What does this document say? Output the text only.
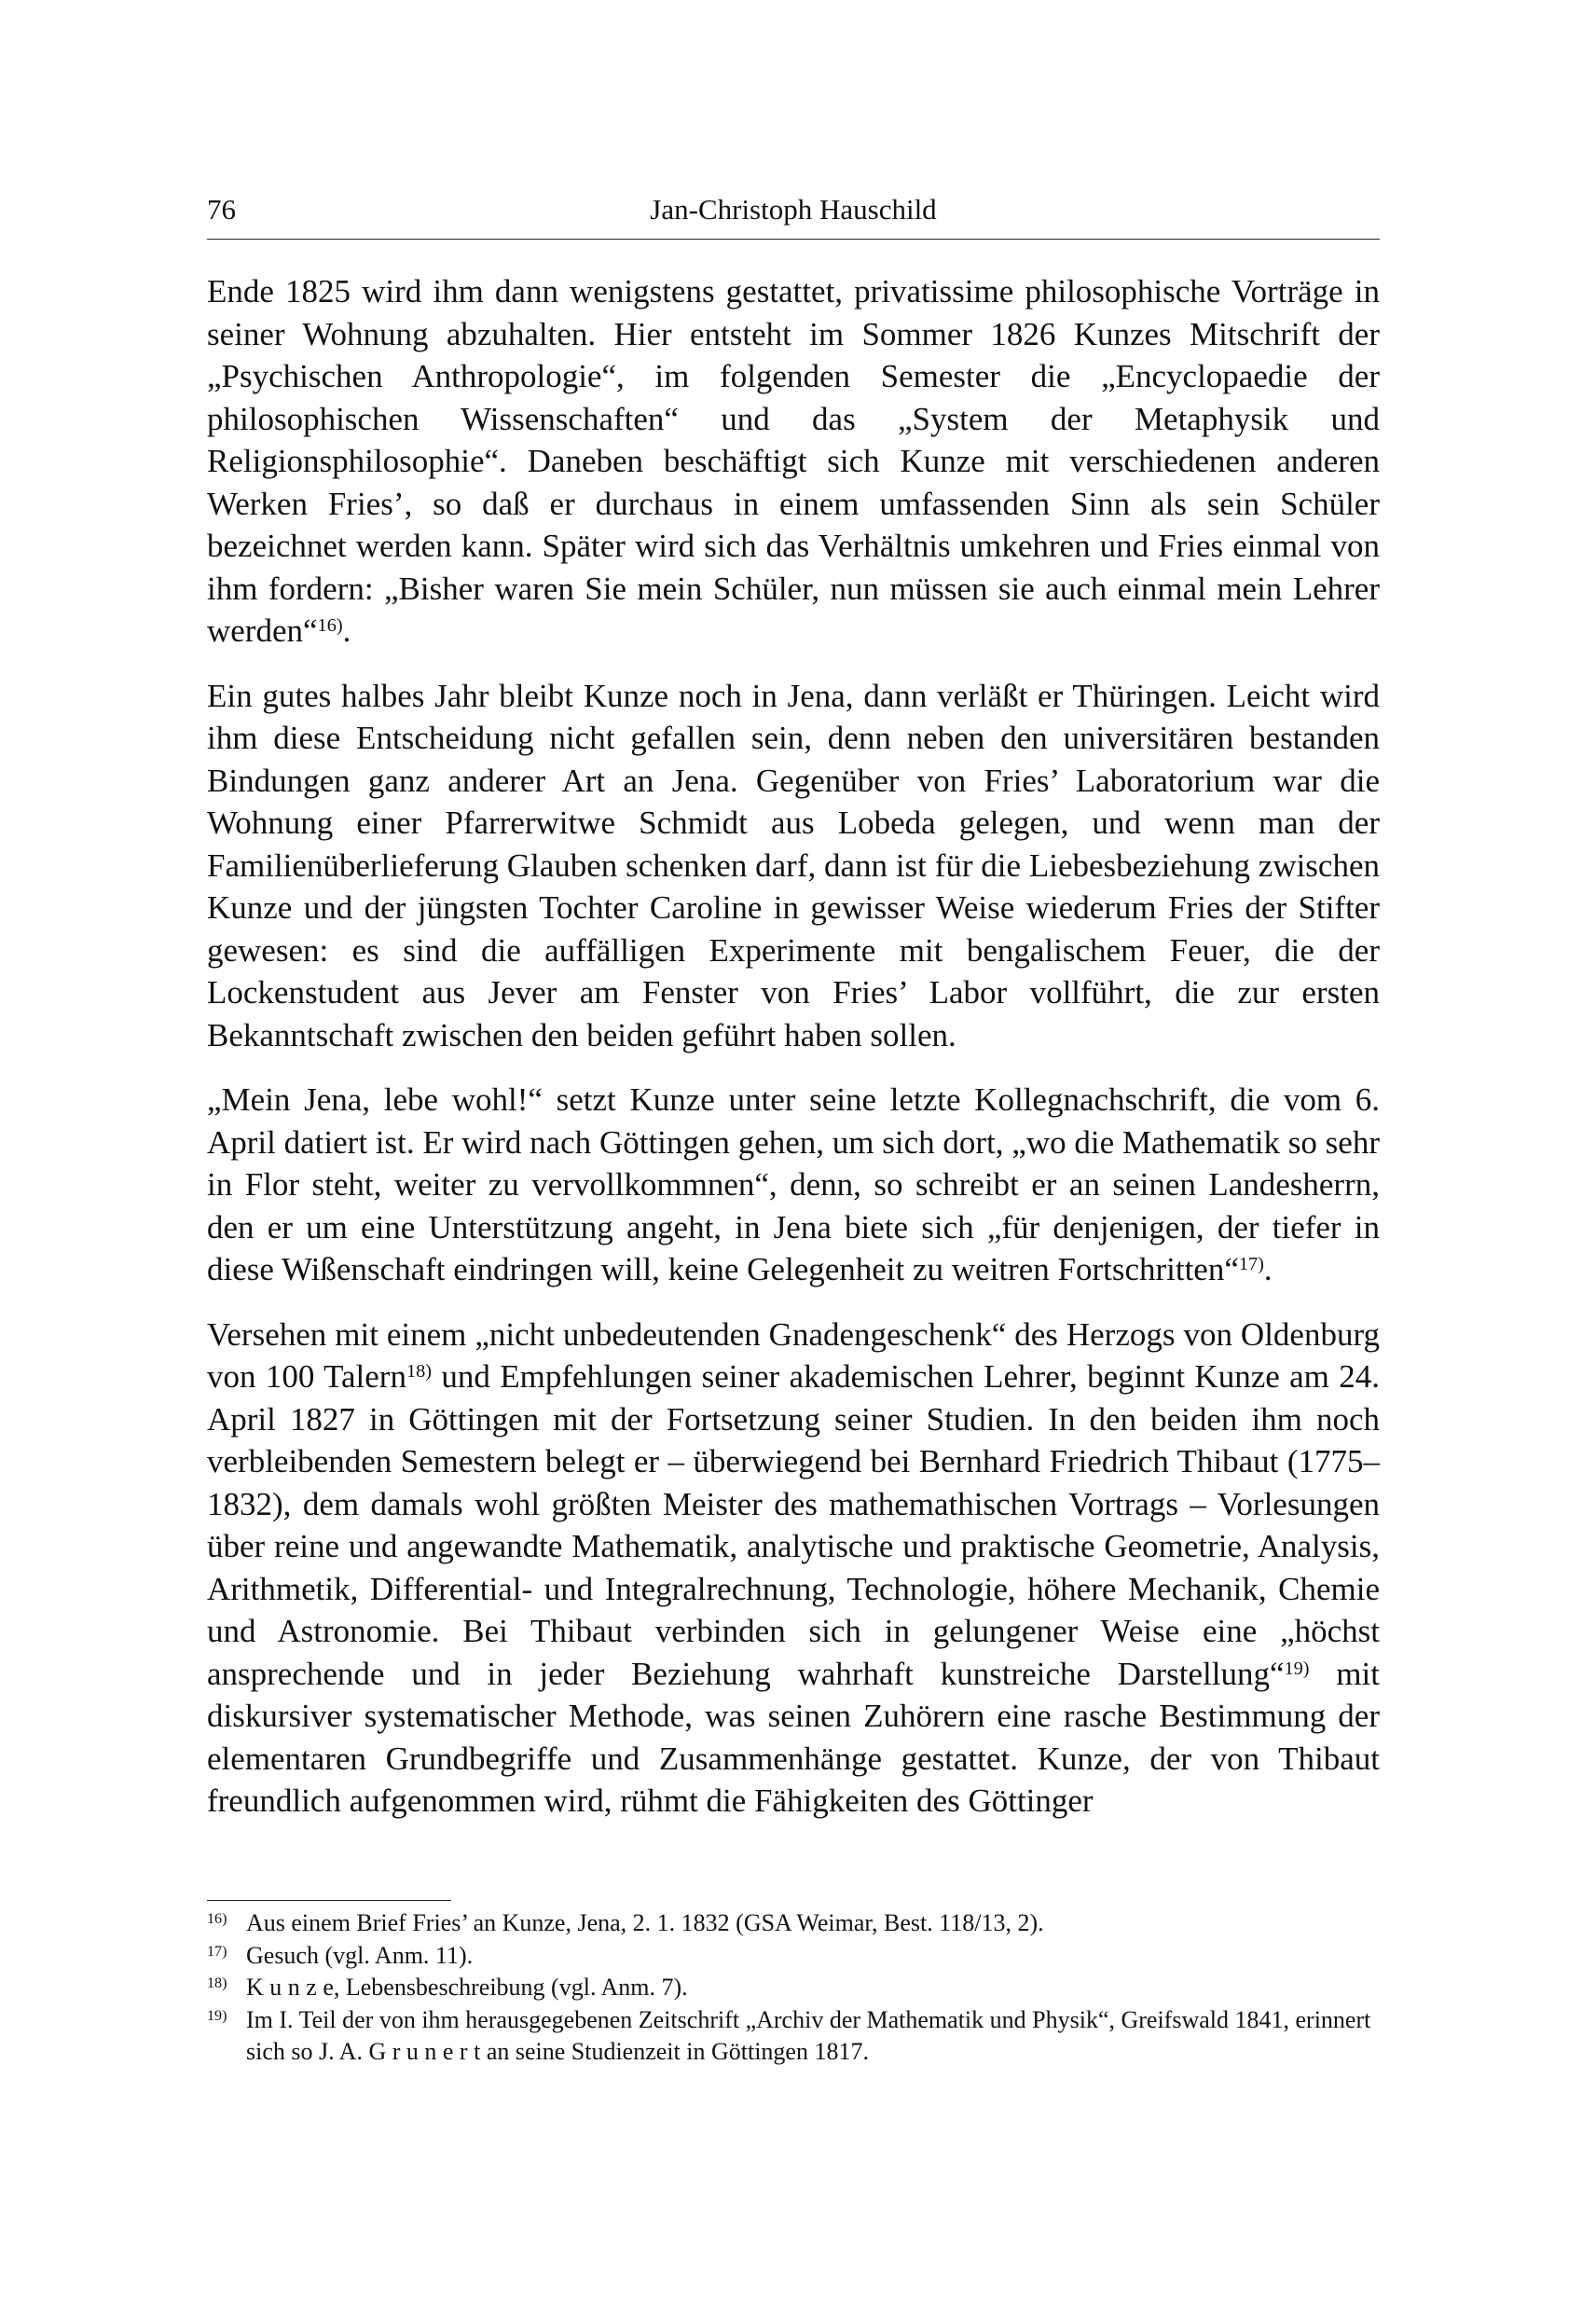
76	Jan-Christoph Hauschild

Ende 1825 wird ihm dann wenigstens gestattet, privatissime philosophische Vorträge in seiner Wohnung abzuhalten. Hier entsteht im Sommer 1826 Kunzes Mitschrift der „Psychischen Anthropologie“, im folgenden Semester die „Encyclopaedie der philosophischen Wissenschaften“ und das „System der Metaphysik und Religionsphilosophie“. Daneben beschäftigt sich Kunze mit verschiedenen anderen Werken Fries’, so daß er durchaus in einem umfassenden Sinn als sein Schüler bezeichnet werden kann. Später wird sich das Verhältnis umkehren und Fries einmal von ihm fordern: „Bisher waren Sie mein Schüler, nun müssen sie auch einmal mein Lehrer werden“$^{16)}$.

Ein gutes halbes Jahr bleibt Kunze noch in Jena, dann verläßt er Thüringen. Leicht wird ihm diese Entscheidung nicht gefallen sein, denn neben den universitären bestanden Bindungen ganz anderer Art an Jena. Gegenüber von Fries’ Laboratorium war die Wohnung einer Pfarrerwitwe Schmidt aus Lobeda gelegen, und wenn man der Familienüberlieferung Glauben schenken darf, dann ist für die Liebesbeziehung zwischen Kunze und der jüngsten Tochter Caroline in gewisser Weise wiederum Fries der Stifter gewesen: es sind die auffälligen Experimente mit bengalischem Feuer, die der Lockenstudent aus Jever am Fenster von Fries’ Labor vollführt, die zur ersten Bekanntschaft zwischen den beiden geführt haben sollen.

„Mein Jena, lebe wohl!“ setzt Kunze unter seine letzte Kollegnachschrift, die vom 6. April datiert ist. Er wird nach Göttingen gehen, um sich dort, „wo die Mathematik so sehr in Flor steht, weiter zu vervollkommnen“, denn, so schreibt er an seinen Landesherrn, den er um eine Unterstützung angeht, in Jena biete sich „für denjenigen, der tiefer in diese Wißenschaft eindringen will, keine Gelegenheit zu weitren Fortschritten“$^{17)}$.

Versehen mit einem „nicht unbedeutenden Gnadengeschenk“ des Herzogs von Oldenburg von 100 Talern$^{18)}$ und Empfehlungen seiner akademischen Lehrer, beginnt Kunze am 24. April 1827 in Göttingen mit der Fortsetzung seiner Studien. In den beiden ihm noch verbleibenden Semestern belegt er – überwiegend bei Bernhard Friedrich Thibaut (1775–1832), dem damals wohl größten Meister des mathemathischen Vortrags – Vorlesungen über reine und angewandte Mathematik, analytische und praktische Geometrie, Analysis, Arithmetik, Differential- und Integralrechnung, Technologie, höhere Mechanik, Chemie und Astronomie. Bei Thibaut verbinden sich in gelungener Weise eine „höchst ansprechende und in jeder Beziehung wahrhaft kunstreiche Darstellung“$^{19)}$ mit diskursiver systematischer Methode, was seinen Zuhörern eine rasche Bestimmung der elementaren Grundbegriffe und Zusammenhänge gestattet. Kunze, der von Thibaut freundlich aufgenommen wird, rühmt die Fähigkeiten des Göttinger

$^{16)}$ Aus einem Brief Fries’ an Kunze, Jena, 2. 1. 1832 (GSA Weimar, Best. 118/13, 2).
$^{17)}$ Gesuch (vgl. Anm. 11).
$^{18)}$ K u n z e, Lebensbeschreibung (vgl. Anm. 7).
$^{19)}$ Im I. Teil der von ihm herausgegebenen Zeitschrift „Archiv der Mathematik und Physik“, Greifswald 1841, erinnert sich so J. A. G r u n e r t an seine Studienzeit in Göttingen 1817.
